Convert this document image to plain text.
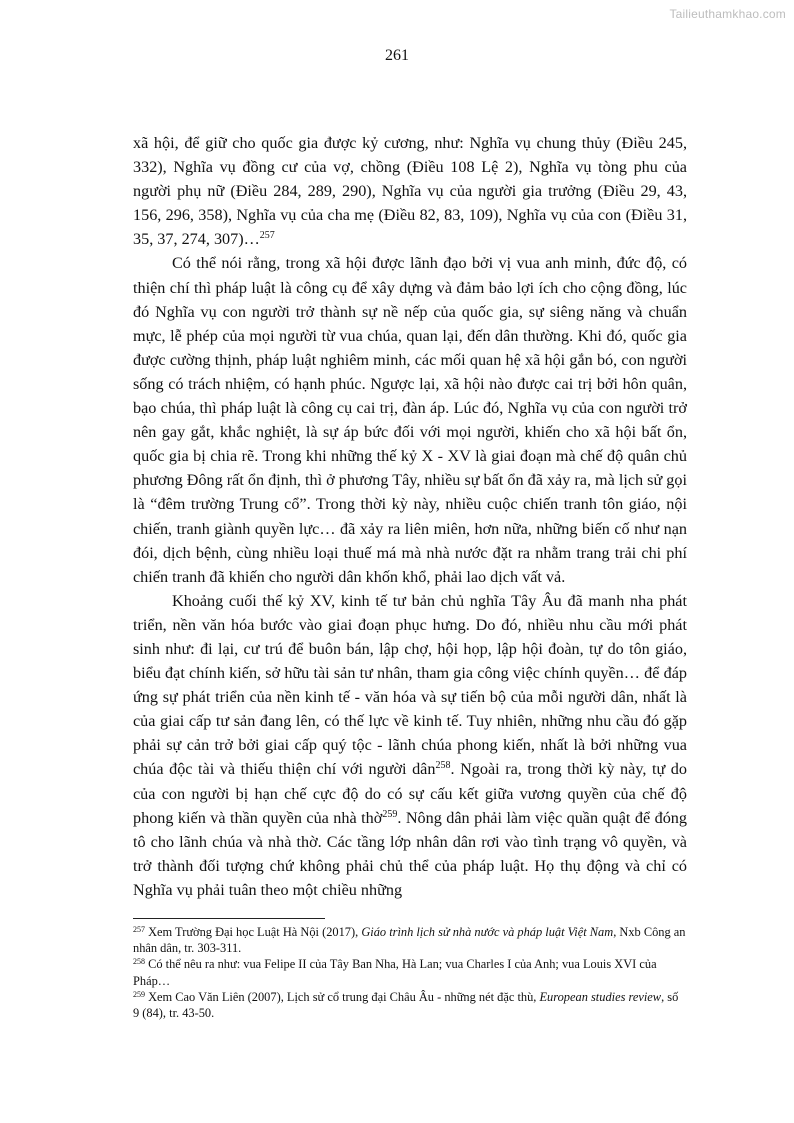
Tailieuthamkhao.com
261

xã hội, để giữ cho quốc gia được kỷ cương, như: Nghĩa vụ chung thủy (Điều 245, 332), Nghĩa vụ đồng cư của vợ, chồng (Điều 108 Lệ 2), Nghĩa vụ tòng phu của người phụ nữ (Điều 284, 289, 290), Nghĩa vụ của người gia trưởng (Điều 29, 43, 156, 296, 358), Nghĩa vụ của cha mẹ (Điều 82, 83, 109), Nghĩa vụ của con (Điều 31, 35, 37, 274, 307)…$^{257}$

Có thể nói rằng, trong xã hội được lãnh đạo bởi vị vua anh minh, đức độ, có thiện chí thì pháp luật là công cụ để xây dựng và đảm bảo lợi ích cho cộng đồng, lúc đó Nghĩa vụ con người trở thành sự nề nếp của quốc gia, sự siêng năng và chuẩn mực, lễ phép của mọi người từ vua chúa, quan lại, đến dân thường. Khi đó, quốc gia được cường thịnh, pháp luật nghiêm minh, các mối quan hệ xã hội gắn bó, con người sống có trách nhiệm, có hạnh phúc. Ngược lại, xã hội nào được cai trị bởi hôn quân, bạo chúa, thì pháp luật là công cụ cai trị, đàn áp. Lúc đó, Nghĩa vụ của con người trở nên gay gắt, khắc nghiệt, là sự áp bức đối với mọi người, khiến cho xã hội bất ổn, quốc gia bị chia rẽ. Trong khi những thế kỷ X - XV là giai đoạn mà chế độ quân chủ phương Đông rất ổn định, thì ở phương Tây, nhiều sự bất ổn đã xảy ra, mà lịch sử gọi là “đêm trường Trung cổ”. Trong thời kỳ này, nhiều cuộc chiến tranh tôn giáo, nội chiến, tranh giành quyền lực… đã xảy ra liên miên, hơn nữa, những biến cố như nạn đói, dịch bệnh, cùng nhiều loại thuế má mà nhà nước đặt ra nhằm trang trải chi phí chiến tranh đã khiến cho người dân khốn khổ, phải lao dịch vất vả.

Khoảng cuối thế kỷ XV, kinh tế tư bản chủ nghĩa Tây Âu đã manh nha phát triển, nền văn hóa bước vào giai đoạn phục hưng. Do đó, nhiều nhu cầu mới phát sinh như: đi lại, cư trú để buôn bán, lập chợ, hội họp, lập hội đoàn, tự do tôn giáo, biểu đạt chính kiến, sở hữu tài sản tư nhân, tham gia công việc chính quyền… để đáp ứng sự phát triển của nền kinh tế - văn hóa và sự tiến bộ của mỗi người dân, nhất là của giai cấp tư sản đang lên, có thế lực về kinh tế. Tuy nhiên, những nhu cầu đó gặp phải sự cản trở bởi giai cấp quý tộc - lãnh chúa phong kiến, nhất là bởi những vua chúa độc tài và thiếu thiện chí với người dân$^{258}$. Ngoài ra, trong thời kỳ này, tự do của con người bị hạn chế cực độ do có sự cấu kết giữa vương quyền của chế độ phong kiến và thần quyền của nhà thờ$^{259}$. Nông dân phải làm việc quần quật để đóng tô cho lãnh chúa và nhà thờ. Các tầng lớp nhân dân rơi vào tình trạng vô quyền, và trở thành đối tượng chứ không phải chủ thể của pháp luật. Họ thụ động và chỉ có Nghĩa vụ phải tuân theo một chiều những

$^{257}$ Xem Trường Đại học Luật Hà Nội (2017), Giáo trình lịch sử nhà nước và pháp luật Việt Nam, Nxb Công an nhân dân, tr. 303-311.

$^{258}$ Có thể nêu ra như: vua Felipe II của Tây Ban Nha, Hà Lan; vua Charles I của Anh; vua Louis XVI của Pháp…

$^{259}$ Xem Cao Văn Liên (2007), Lịch sử cổ trung đại Châu Âu - những nét đặc thù, European studies review, số 9 (84), tr. 43-50.
